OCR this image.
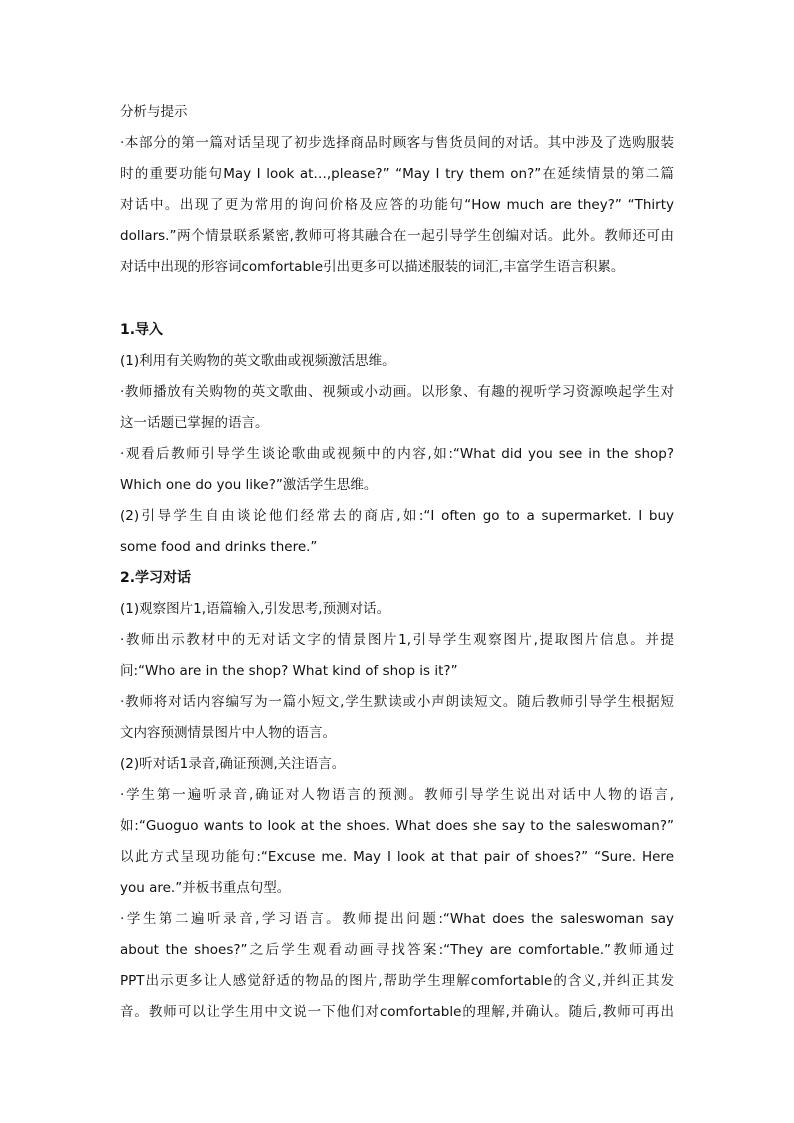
分析与提示
·本部分的第一篇对话呈现了初步选择商品时顾客与售货员间的对话。其中涉及了选购服装
时的重要功能句May I look at…,please?” “May I try them on?”在延续情景的第二篇
对话中。出现了更为常用的询问价格及应答的功能句“How much are they?” “Thirty
dollars.”两个情景联系紧密,教师可将其融合在一起引导学生创编对话。此外。教师还可由
对话中出现的形容词comfortable引出更多可以描述服装的词汇,丰富学生语言积累。
1.导入
(1)利用有关购物的英文歌曲或视频激活思维。
·教师播放有关购物的英文歌曲、视频或小动画。以形象、有趣的视听学习资源唤起学生对
这一话题已掌握的语言。
·观看后教师引导学生谈论歌曲或视频中的内容,如:“What did you see in the shop?
Which one do you like?”激活学生思维。
(2)引导学生自由谈论他们经常去的商店,如:“I often go to a supermarket. I buy
some food and drinks there.”
2.学习对话
(1)观察图片1,语篇输入,引发思考,预测对话。
·教师出示教材中的无对话文字的情景图片1,引导学生观察图片,提取图片信息。并提
问:“Who are in the shop? What kind of shop is it?”
·教师将对话内容编写为一篇小短文,学生默读或小声朗读短文。随后教师引导学生根据短
文内容预测情景图片中人物的语言。
(2)听对话1录音,确证预测,关注语言。
·学生第一遍听录音,确证对人物语言的预测。教师引导学生说出对话中人物的语言,
如:“Guoguo wants to look at the shoes. What does she say to the saleswoman?”
以此方式呈现功能句:“Excuse me. May I look at that pair of shoes?” “Sure. Here
you are.”并板书重点句型。
·学生第二遍听录音,学习语言。教师提出问题:“What does the saleswoman say
about the shoes?”之后学生观看动画寻找答案:“They are comfortable.”教师通过
PPT出示更多让人感觉舒适的物品的图片,帮助学生理解comfortable的含义,并纠正其发
音。教师可以让学生用中文说一下他们对comfortable的理解,并确认。随后,教师可再出
